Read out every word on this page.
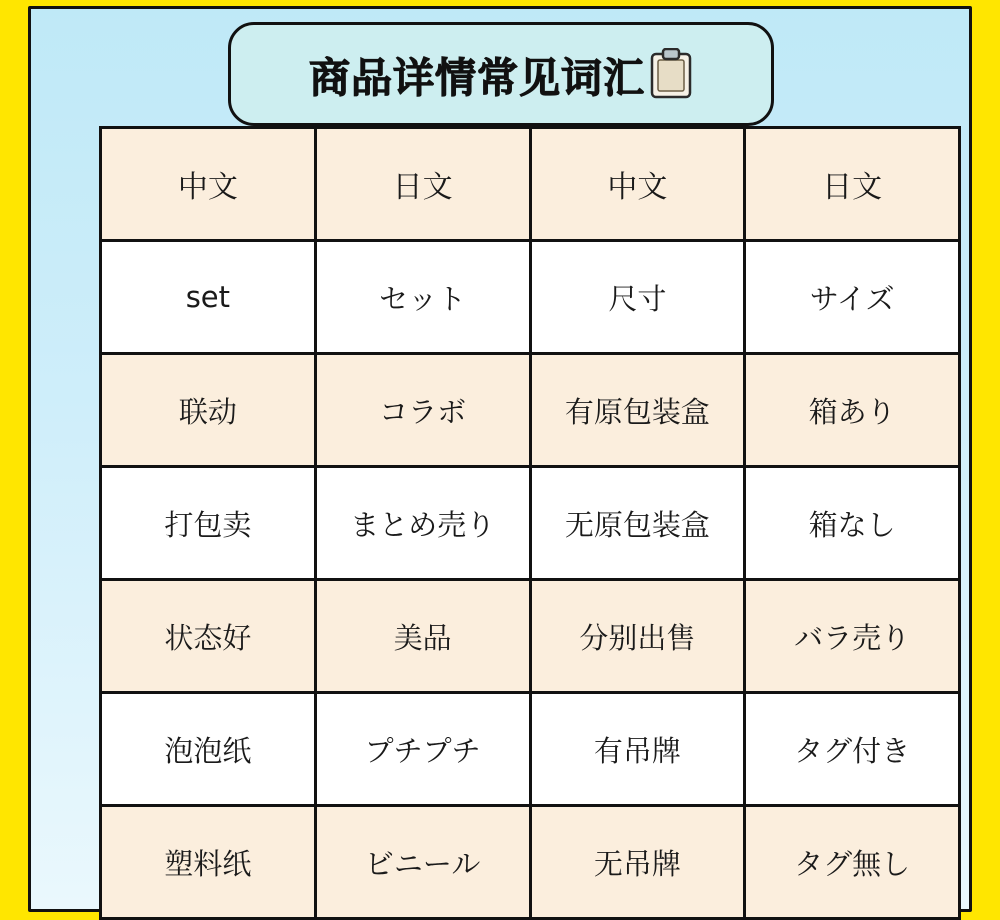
中文	日文	中文	日文
set	セット	尺寸	サイズ
联动	コラボ	有原包装盒	箱あり
打包卖	まとめ売り	无原包装盒	箱なし
状态好	美品	分别出售	バラ売り
泡泡纸	プチプチ	有吊牌	タグ付き
塑料纸	ビニール	无吊牌	タグ無し
商品详情常见词汇
